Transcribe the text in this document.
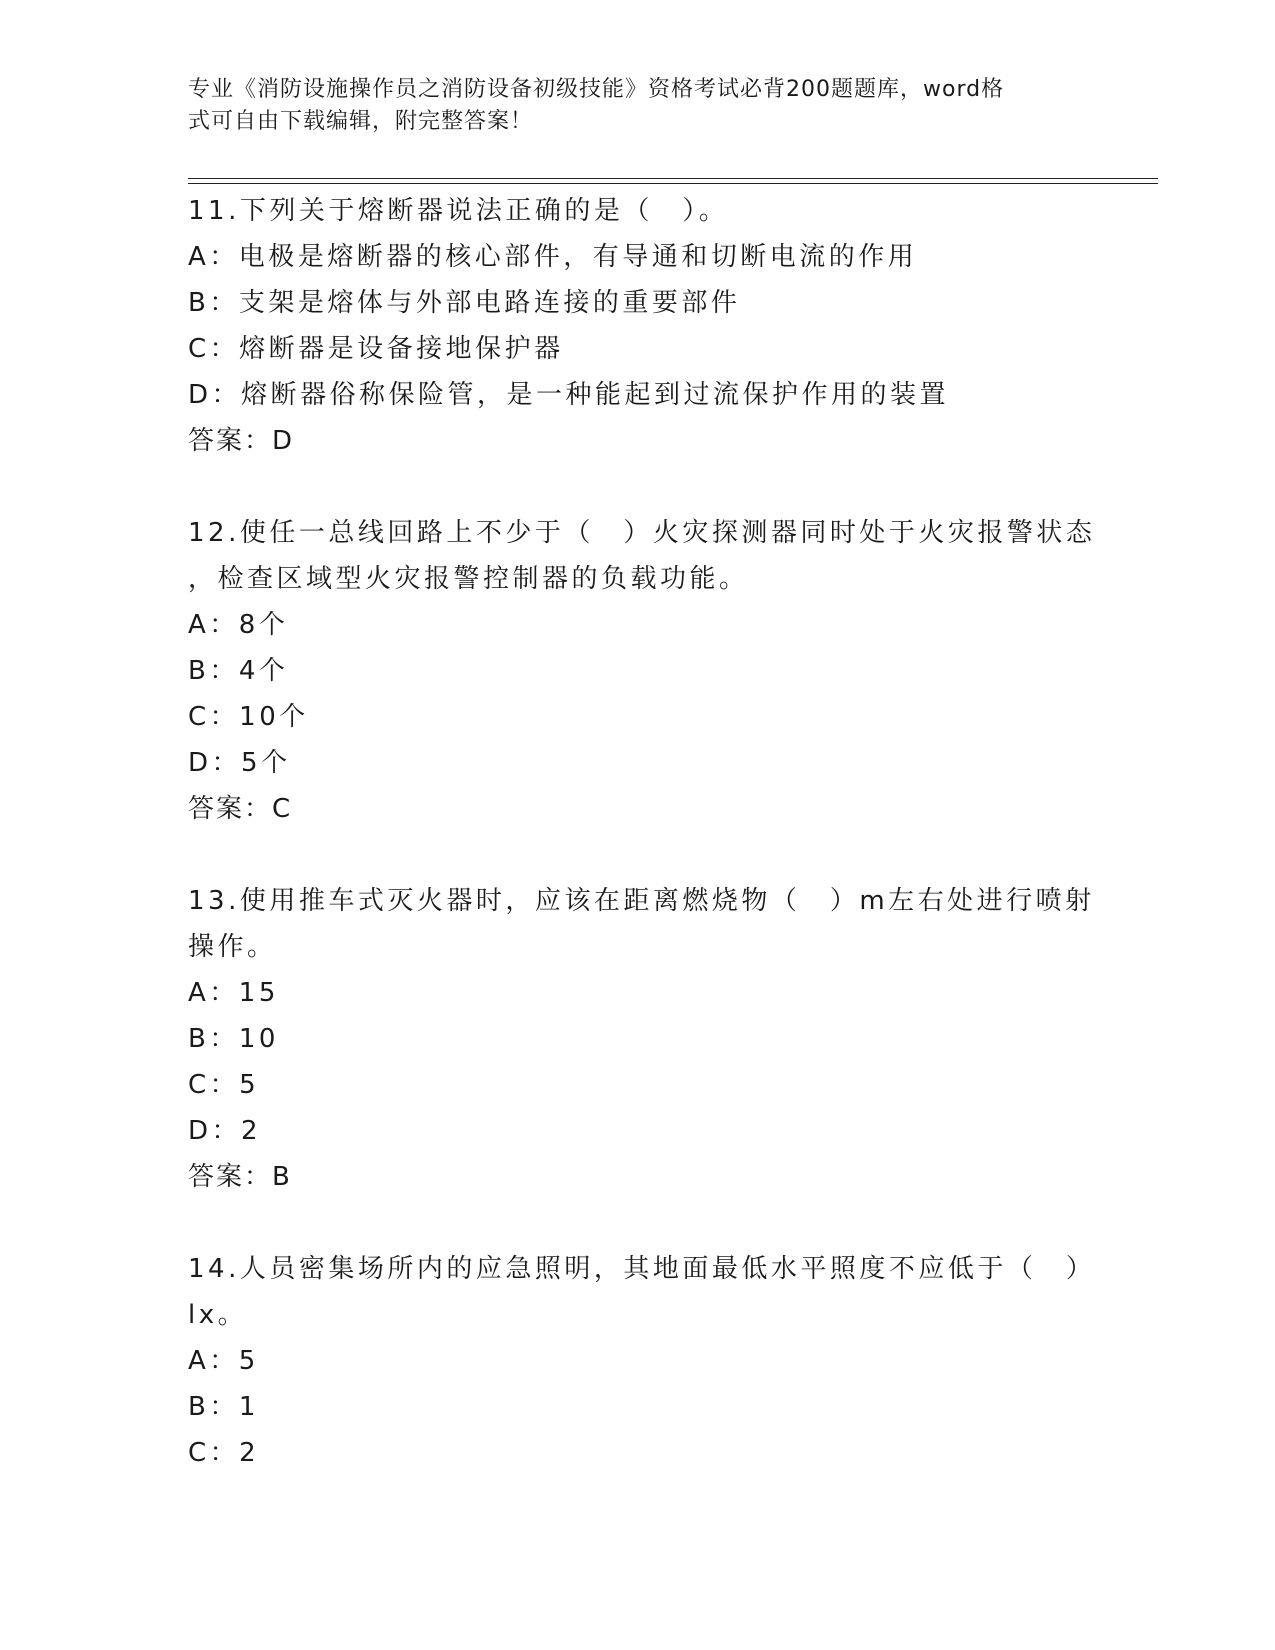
专业《消防设施操作员之消防设备初级技能》资格考试必背200题题库，word格
式可自由下载编辑，附完整答案！
11.下列关于熔断器说法正确的是（　）。
A：电极是熔断器的核心部件，有导通和切断电流的作用
B：支架是熔体与外部电路连接的重要部件
C：熔断器是设备接地保护器
D：熔断器俗称保险管，是一种能起到过流保护作用的装置
答案：D
12.使任一总线回路上不少于（　）火灾探测器同时处于火灾报警状态
，检查区域型火灾报警控制器的负载功能。
A：8个
B：4个
C：10个
D：5个
答案：C
13.使用推车式灭火器时，应该在距离燃烧物（　）m左右处进行喷射
操作。
A：15
B：10
C：5
D：2
答案：B
14.人员密集场所内的应急照明，其地面最低水平照度不应低于（　）
lx。
A：5
B：1
C：2
